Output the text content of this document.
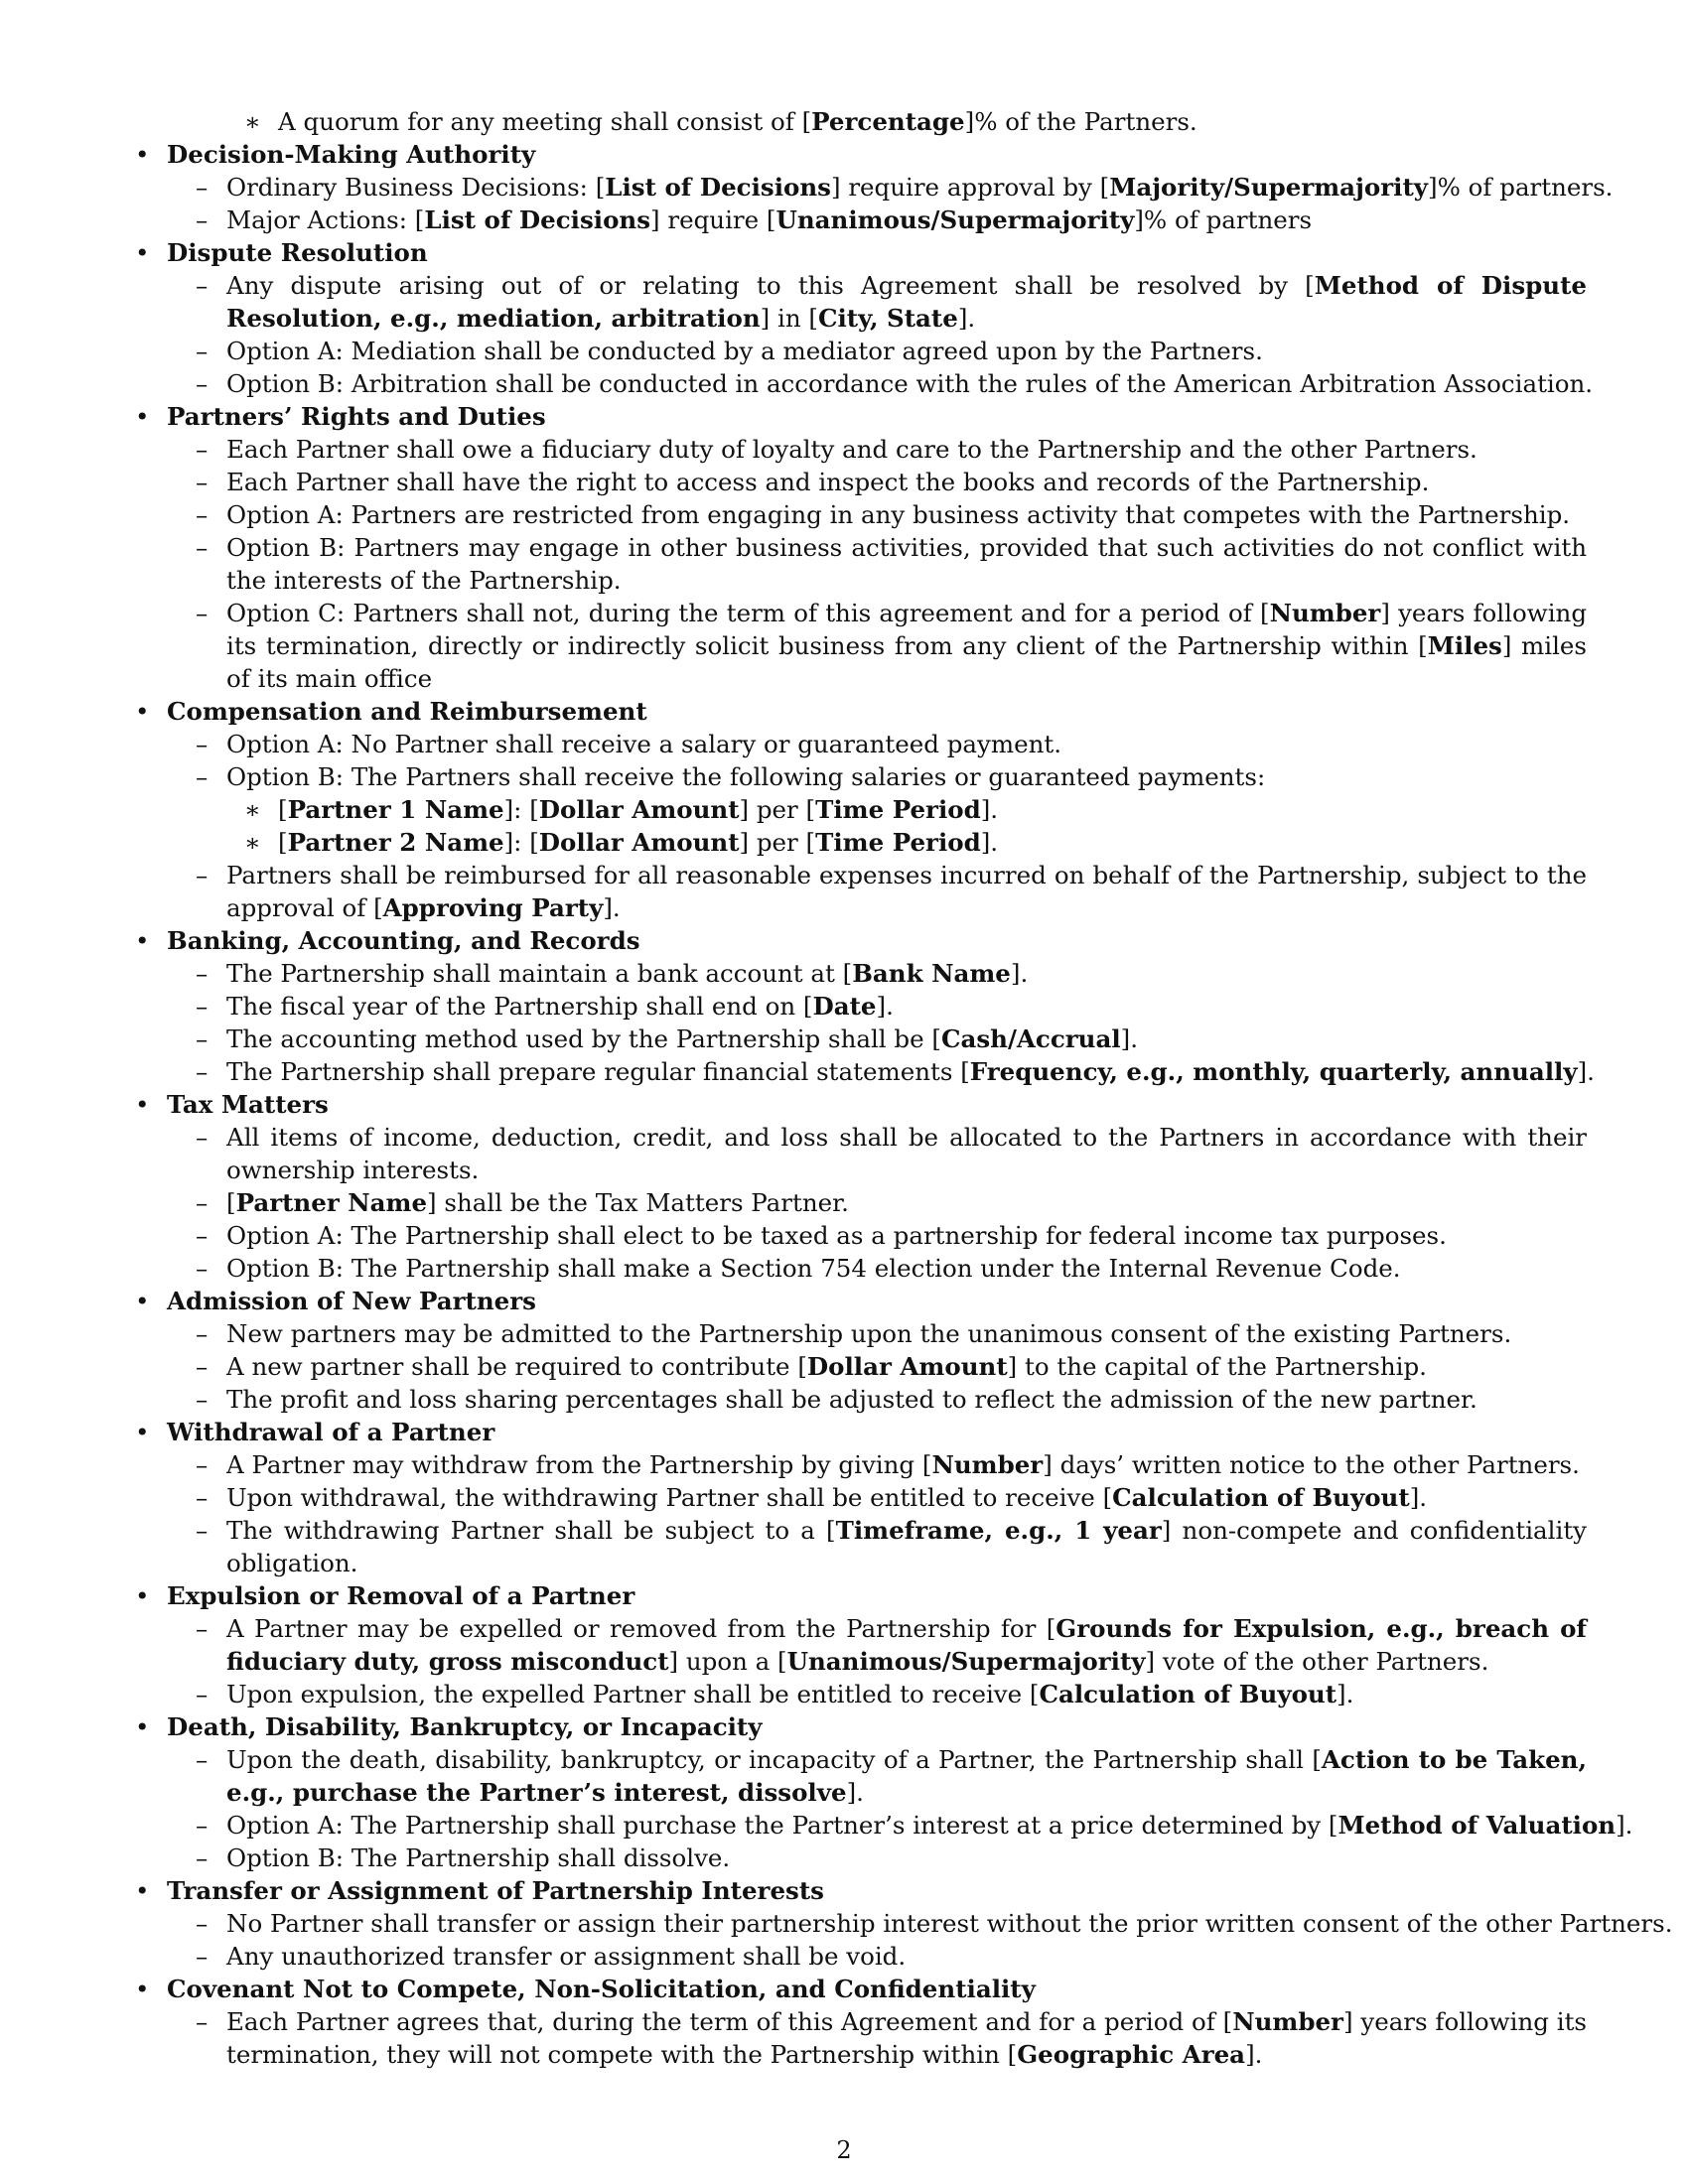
∗ A quorum for any meeting shall consist of [Percentage]% of the Partners.
• Decision-Making Authority
– Ordinary Business Decisions: [List of Decisions] require approval by [Majority/Supermajority]% of partners.
– Major Actions: [List of Decisions] require [Unanimous/Supermajority]% of partners
• Dispute Resolution
– Any dispute arising out of or relating to this Agreement shall be resolved by [Method of Dispute Resolution, e.g., mediation, arbitration] in [City, State].
– Option A: Mediation shall be conducted by a mediator agreed upon by the Partners.
– Option B: Arbitration shall be conducted in accordance with the rules of the American Arbitration Association.
• Partners’ Rights and Duties
– Each Partner shall owe a fiduciary duty of loyalty and care to the Partnership and the other Partners.
– Each Partner shall have the right to access and inspect the books and records of the Partnership.
– Option A: Partners are restricted from engaging in any business activity that competes with the Partnership.
– Option B: Partners may engage in other business activities, provided that such activities do not conflict with the interests of the Partnership.
– Option C: Partners shall not, during the term of this agreement and for a period of [Number] years following its termination, directly or indirectly solicit business from any client of the Partnership within [Miles] miles of its main office
• Compensation and Reimbursement
– Option A: No Partner shall receive a salary or guaranteed payment.
– Option B: The Partners shall receive the following salaries or guaranteed payments:
∗ [Partner 1 Name]: [Dollar Amount] per [Time Period].
∗ [Partner 2 Name]: [Dollar Amount] per [Time Period].
– Partners shall be reimbursed for all reasonable expenses incurred on behalf of the Partnership, subject to the approval of [Approving Party].
• Banking, Accounting, and Records
– The Partnership shall maintain a bank account at [Bank Name].
– The fiscal year of the Partnership shall end on [Date].
– The accounting method used by the Partnership shall be [Cash/Accrual].
– The Partnership shall prepare regular financial statements [Frequency, e.g., monthly, quarterly, annually].
• Tax Matters
– All items of income, deduction, credit, and loss shall be allocated to the Partners in accordance with their ownership interests.
– [Partner Name] shall be the Tax Matters Partner.
– Option A: The Partnership shall elect to be taxed as a partnership for federal income tax purposes.
– Option B: The Partnership shall make a Section 754 election under the Internal Revenue Code.
• Admission of New Partners
– New partners may be admitted to the Partnership upon the unanimous consent of the existing Partners.
– A new partner shall be required to contribute [Dollar Amount] to the capital of the Partnership.
– The profit and loss sharing percentages shall be adjusted to reflect the admission of the new partner.
• Withdrawal of a Partner
– A Partner may withdraw from the Partnership by giving [Number] days’ written notice to the other Partners.
– Upon withdrawal, the withdrawing Partner shall be entitled to receive [Calculation of Buyout].
– The withdrawing Partner shall be subject to a [Timeframe, e.g., 1 year] non-compete and confidentiality obligation.
• Expulsion or Removal of a Partner
– A Partner may be expelled or removed from the Partnership for [Grounds for Expulsion, e.g., breach of fiduciary duty, gross misconduct] upon a [Unanimous/Supermajority] vote of the other Partners.
– Upon expulsion, the expelled Partner shall be entitled to receive [Calculation of Buyout].
• Death, Disability, Bankruptcy, or Incapacity
– Upon the death, disability, bankruptcy, or incapacity of a Partner, the Partnership shall [Action to be Taken, e.g., purchase the Partner’s interest, dissolve].
– Option A: The Partnership shall purchase the Partner’s interest at a price determined by [Method of Valuation].
– Option B: The Partnership shall dissolve.
• Transfer or Assignment of Partnership Interests
– No Partner shall transfer or assign their partnership interest without the prior written consent of the other Partners.
– Any unauthorized transfer or assignment shall be void.
• Covenant Not to Compete, Non-Solicitation, and Confidentiality
– Each Partner agrees that, during the term of this Agreement and for a period of [Number] years following its termination, they will not compete with the Partnership within [Geographic Area].
2
